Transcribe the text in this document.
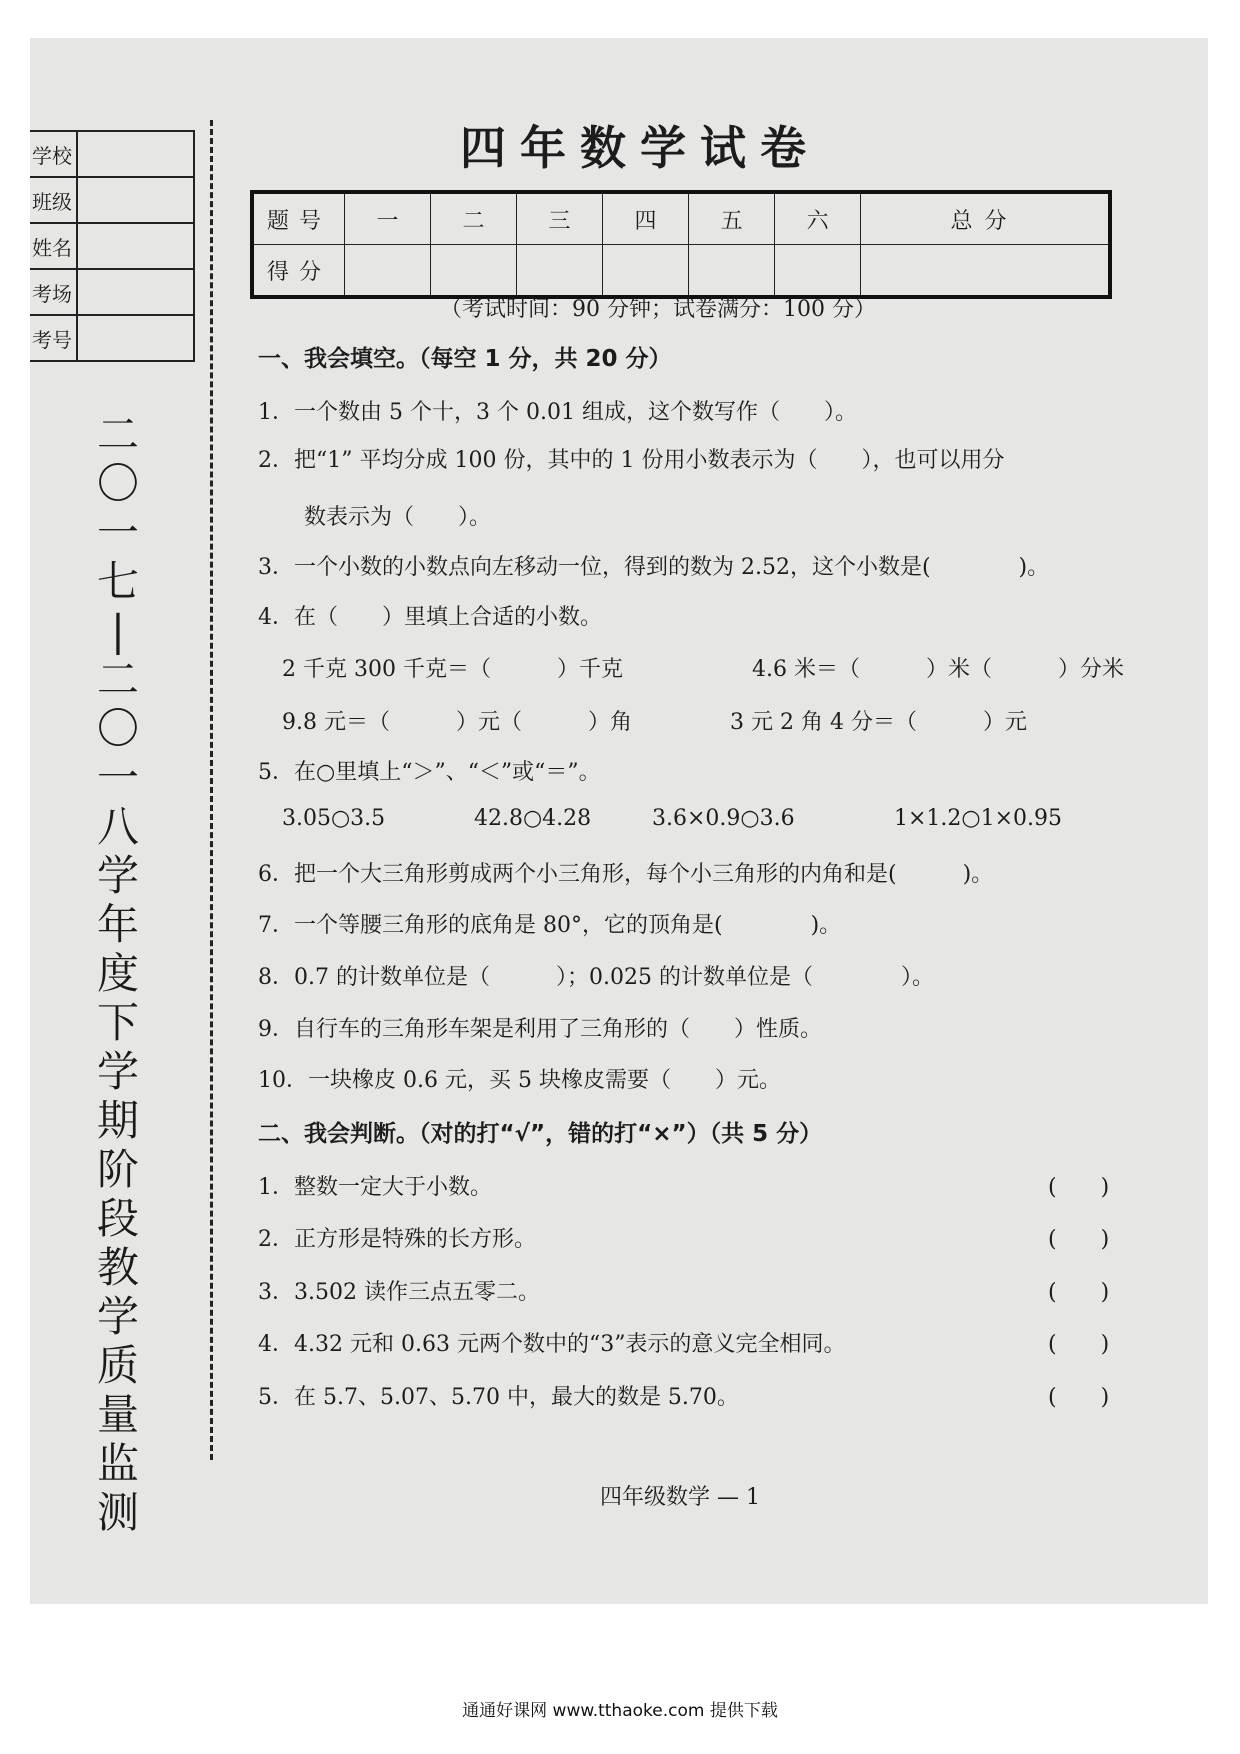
学校	
班级	
姓名	
考场	
考号	
二
〇
一
七
|
二
〇
一
八
学
年
度
下
学
期
阶
段
教
学
质
量
监
测
四年数学试卷
题号	一	二	三	四	五	六	总分
得分							
（考试时间：90 分钟；试卷满分：100 分）
一、我会填空。（每空 1 分，共 20 分）
1．一个数由 5 个十，3 个 0.01 组成，这个数写作（　　）。
2．把“1” 平均分成 100 份，其中的 1 份用小数表示为（　　），也可以用分
数表示为（　　）。
3．一个小数的小数点向左移动一位，得到的数为 2.52，这个小数是(　　　　)。
4．在（　　）里填上合适的小数。
2 千克 300 千克＝（　　　）千克	4.6 米＝（　　　）米（　　　）分米
9.8 元＝（　　　）元（　　　）角	3 元 2 角 4 分＝（　　　）元
5．在○里填上“＞”、“＜”或“＝”。
3.05○3.5	42.8○4.28	3.6×0.9○3.6	1×1.2○1×0.95
6．把一个大三角形剪成两个小三角形，每个小三角形的内角和是(　　　)。
7．一个等腰三角形的底角是 80°，它的顶角是(　　　　)。
8．0.7 的计数单位是（　　　）；0.025 的计数单位是（　　　　）。
9．自行车的三角形车架是利用了三角形的（　　）性质。
10．一块橡皮 0.6 元，买 5 块橡皮需要（　　）元。
二、我会判断。（对的打“√”，错的打“×”）（共 5 分）
1．整数一定大于小数。	(　　)
2．正方形是特殊的长方形。	(　　)
3．3.502 读作三点五零二。	(　　)
4．4.32 元和 0.63 元两个数中的“3”表示的意义完全相同。	(　　)
5．在 5.7、5.07、5.70 中，最大的数是 5.70。	(　　)
四年级数学 — 1
通通好课网 www.tthaoke.com 提供下载
